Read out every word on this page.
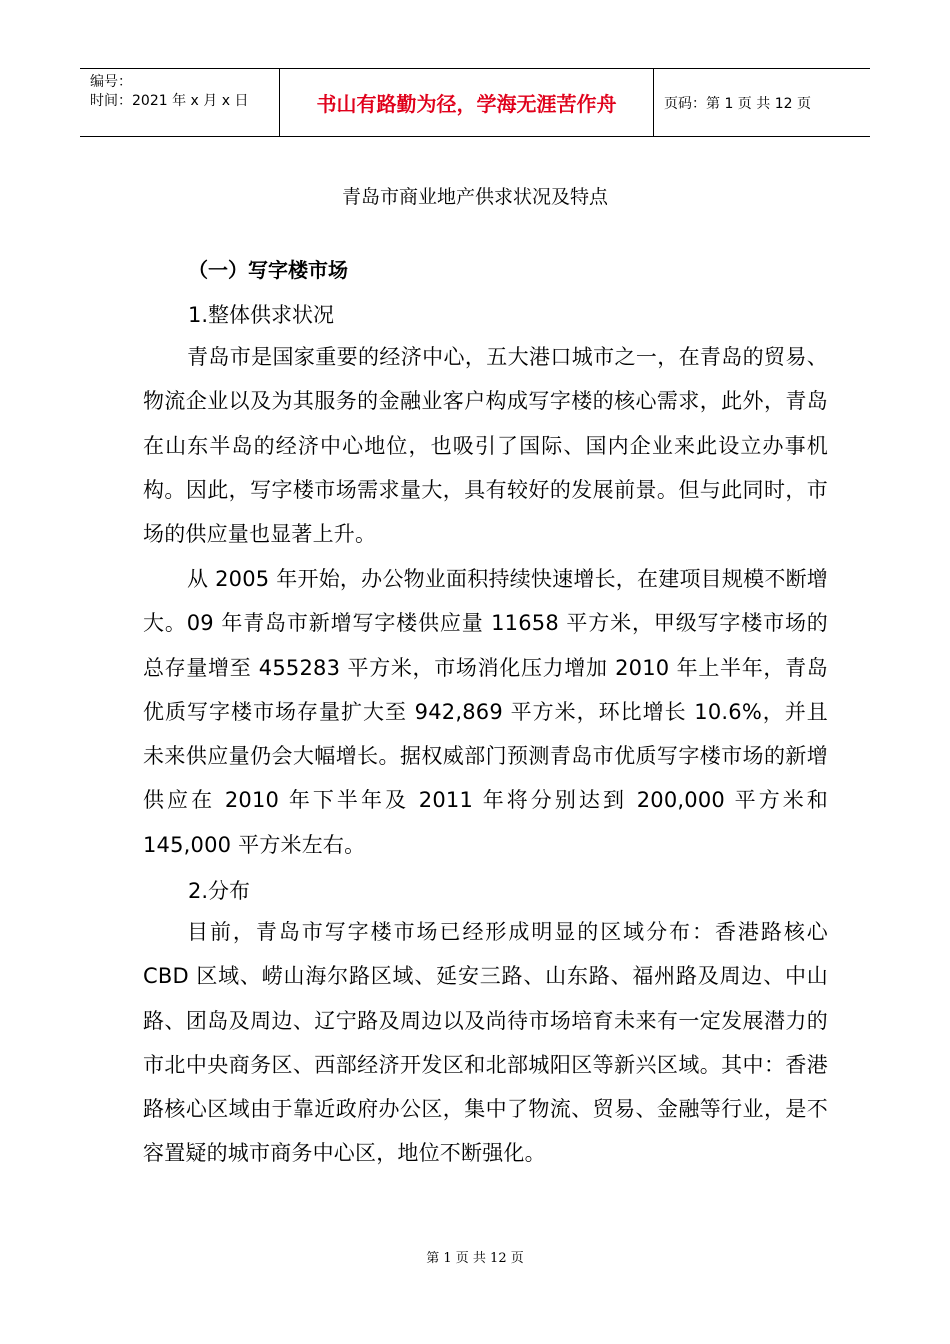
编号：
时间：2021 年 x 月 x 日	书山有路勤为径，学海无涯苦作舟	页码：第 1 页 共 12 页
青岛市商业地产供求状况及特点
（一）写字楼市场
1.整体供求状况
青岛市是国家重要的经济中心，五大港口城市之一，在青岛的贸易、物流企业以及为其服务的金融业客户构成写字楼的核心需求，此外，青岛在山东半岛的经济中心地位，也吸引了国际、国内企业来此设立办事机构。因此，写字楼市场需求量大，具有较好的发展前景。但与此同时，市场的供应量也显著上升。
从 2005 年开始，办公物业面积持续快速增长，在建项目规模不断增大。09 年青岛市新增写字楼供应量 11658 平方米，甲级写字楼市场的总存量增至 455283 平方米，市场消化压力增加 2010 年上半年，青岛优质写字楼市场存量扩大至 942,869 平方米，环比增长 10.6%，并且未来供应量仍会大幅增长。据权威部门预测青岛市优质写字楼市场的新增供应在 2010 年下半年及 2011 年将分别达到 200,000 平方米和 145,000 平方米左右。
2.分布
目前，青岛市写字楼市场已经形成明显的区域分布：香港路核心 CBD 区域、崂山海尔路区域、延安三路、山东路、福州路及周边、中山路、团岛及周边、辽宁路及周边以及尚待市场培育未来有一定发展潜力的市北中央商务区、西部经济开发区和北部城阳区等新兴区域。其中：香港路核心区域由于靠近政府办公区，集中了物流、贸易、金融等行业，是不容置疑的城市商务中心区，地位不断强化。
第 1 页 共 12 页
